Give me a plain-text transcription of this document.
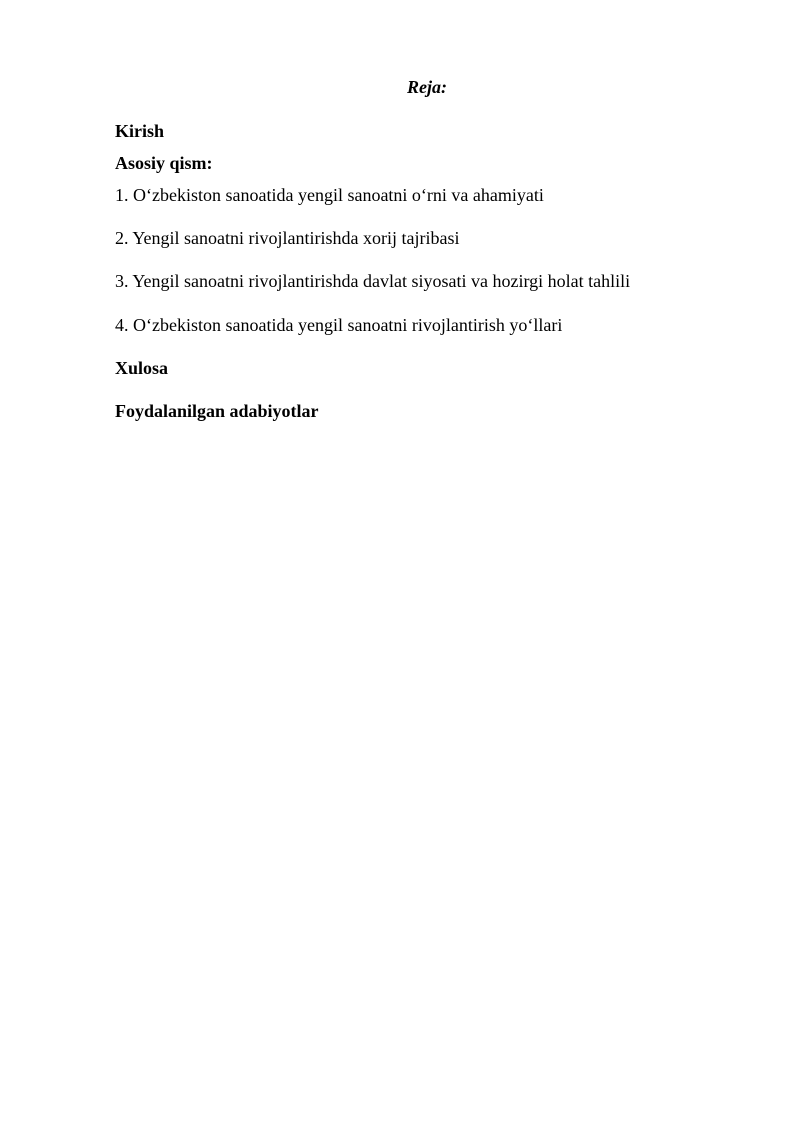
Reja:
Kirish
Asosiy qism:
1. O‘zbekiston sanoatida yengil sanoatni o‘rni va ahamiyati
2. Yengil sanoatni rivojlantirishda xorij tajribasi
3. Yengil sanoatni rivojlantirishda davlat siyosati va hozirgi holat tahlili
4. O‘zbekiston sanoatida yengil sanoatni rivojlantirish yo‘llari
Xulosa
Foydalanilgan adabiyotlar
